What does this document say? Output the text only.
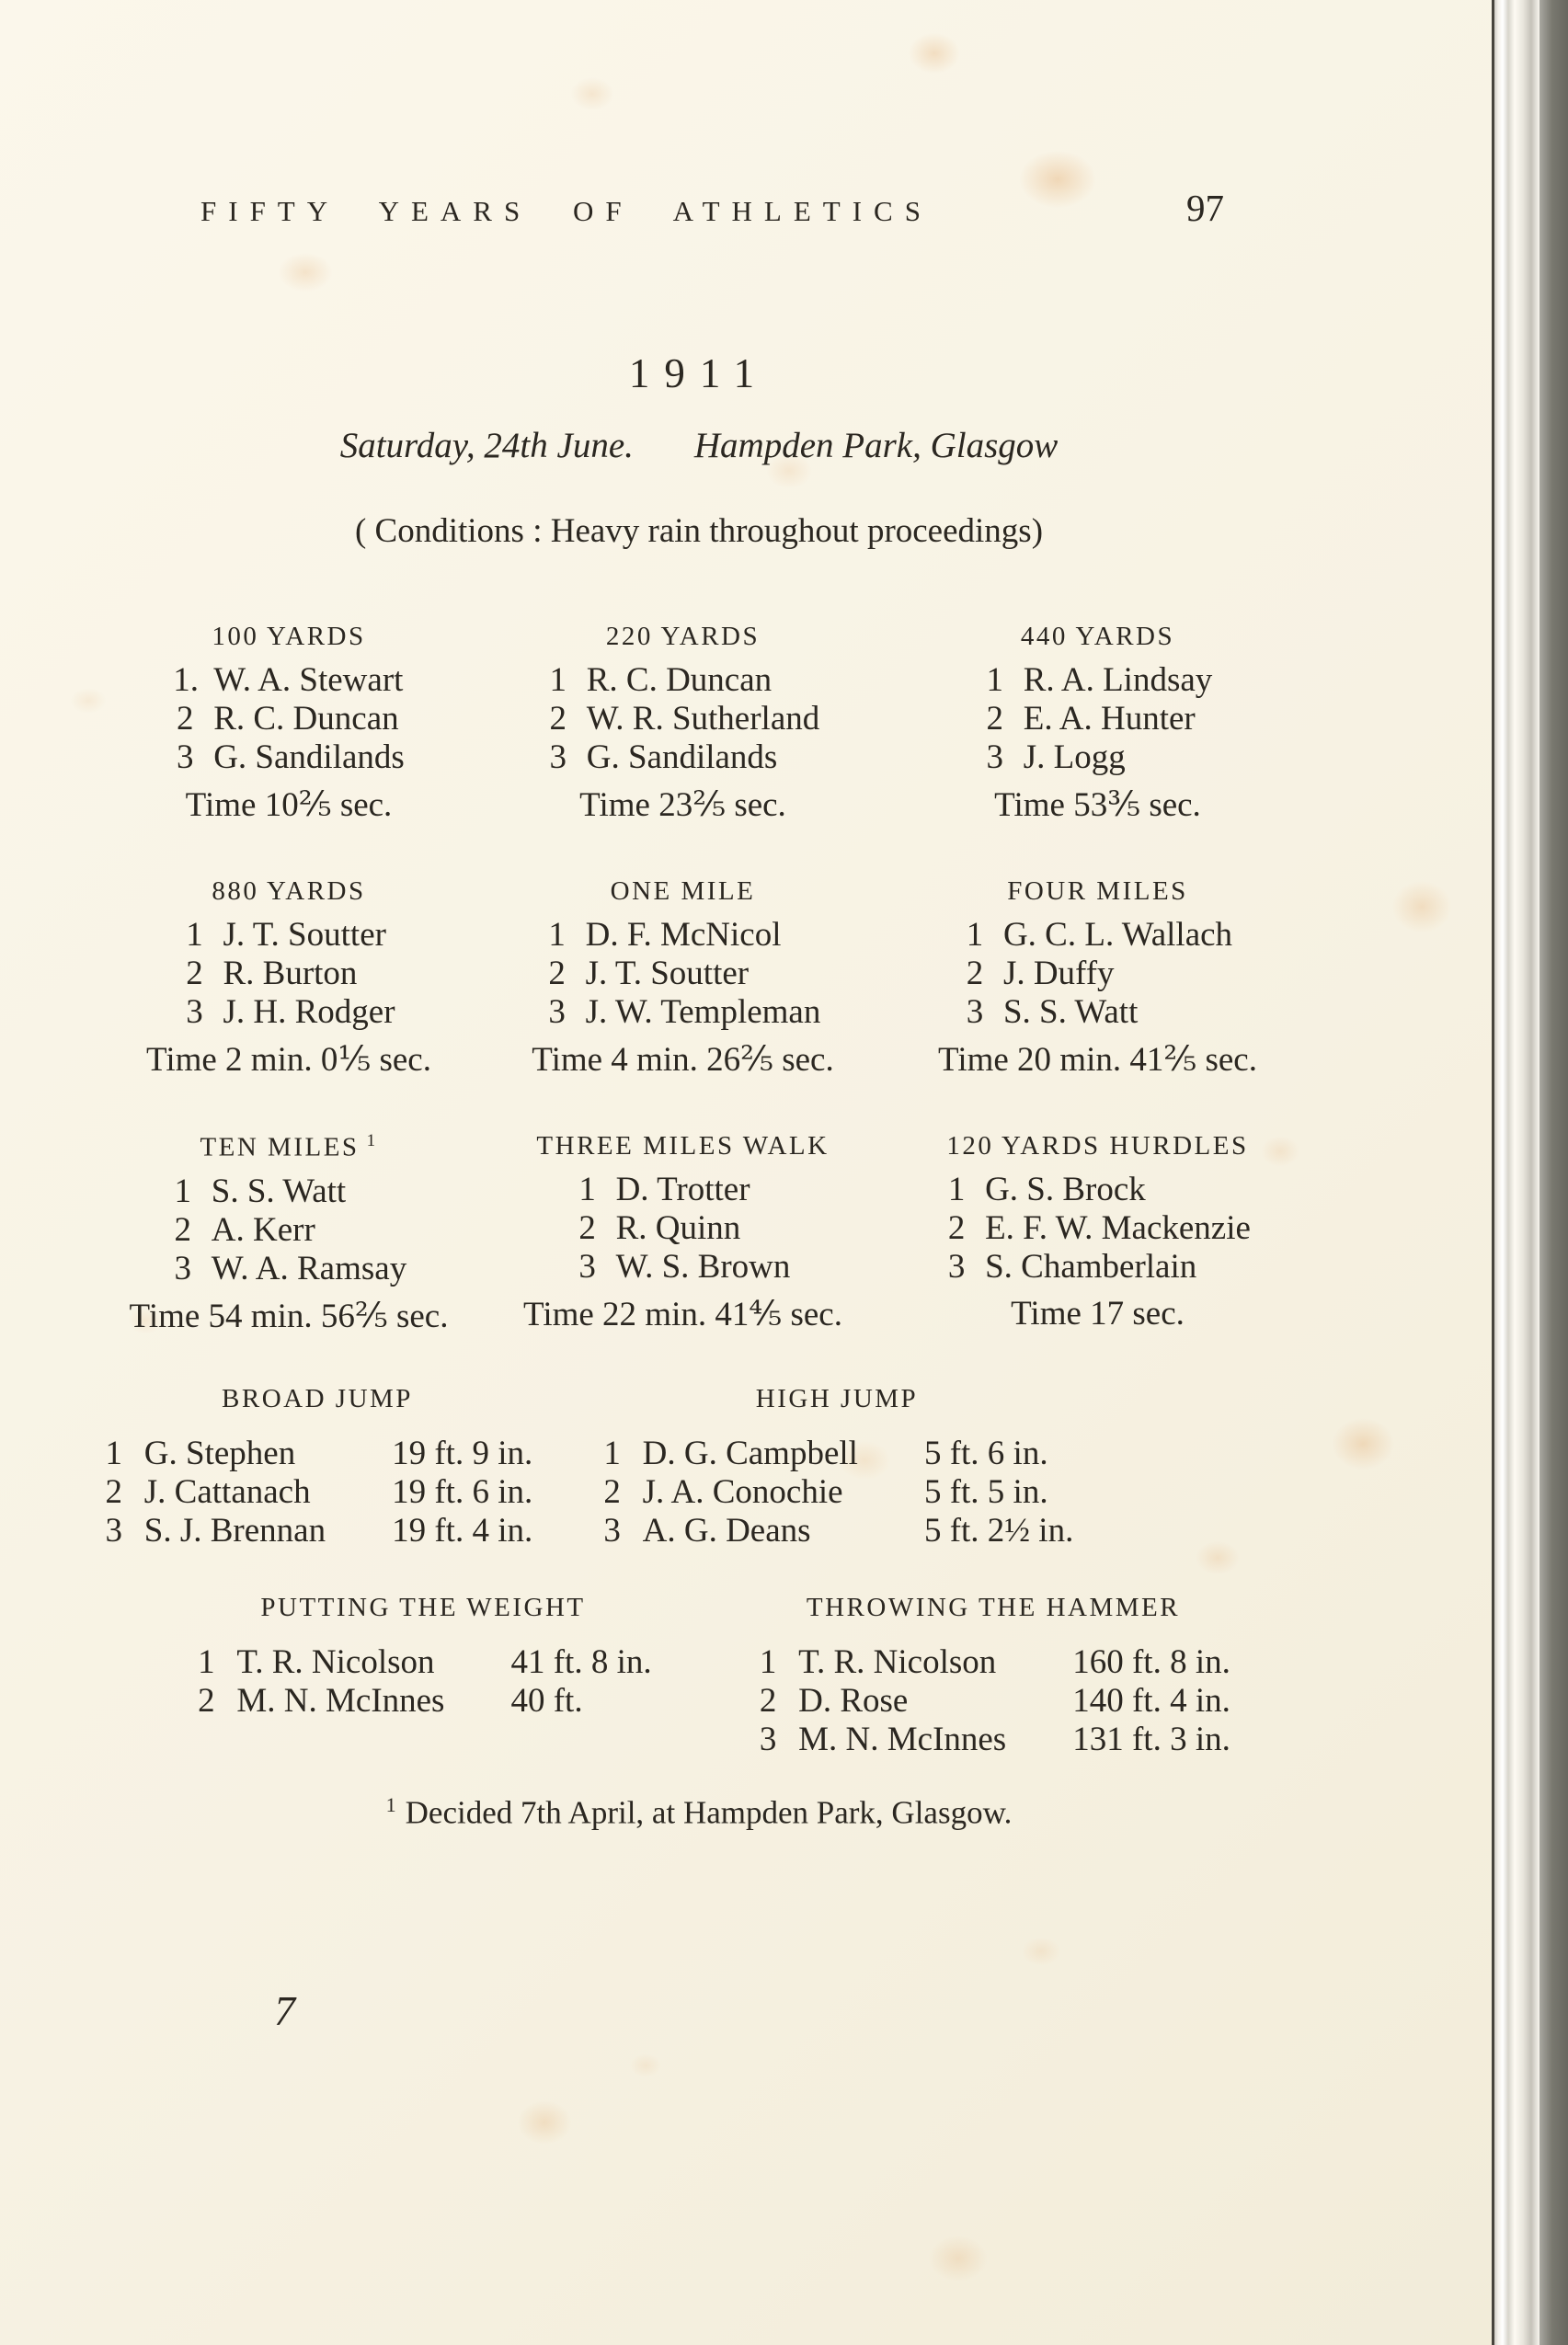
FIFTY YEARS OF ATHLETICS	97
1911
Saturday, 24th June. Hampden Park, Glasgow
( Conditions : Heavy rain throughout proceedings)
100 YARDS
1. W. A. Stewart
2 R. C. Duncan
3 G. Sandilands
Time 10⅖ sec.
220 YARDS
1 R. C. Duncan
2 W. R. Sutherland
3 G. Sandilands
Time 23⅖ sec.
440 YARDS
1 R. A. Lindsay
2 E. A. Hunter
3 J. Logg
Time 53⅗ sec.
880 YARDS
1 J. T. Soutter
2 R. Burton
3 J. H. Rodger
Time 2 min. 0⅕ sec.
ONE MILE
1 D. F. McNicol
2 J. T. Soutter
3 J. W. Templeman
Time 4 min. 26⅖ sec.
FOUR MILES
1 G. C. L. Wallach
2 J. Duffy
3 S. S. Watt
Time 20 min. 41⅖ sec.
TEN MILES $^1$
1 S. S. Watt
2 A. Kerr
3 W. A. Ramsay
Time 54 min. 56⅖ sec.
THREE MILES WALK
1 D. Trotter
2 R. Quinn
3 W. S. Brown
Time 22 min. 41⅘ sec.
120 YARDS HURDLES
1 G. S. Brock
2 E. F. W. Mackenzie
3 S. Chamberlain
Time 17 sec.
BROAD JUMP
1	G. Stephen	19 ft. 9 in.
2	J. Cattanach	19 ft. 6 in.
3	S. J. Brennan	19 ft. 4 in.
HIGH JUMP
1	D. G. Campbell	5 ft. 6 in.
2	J. A. Conochie	5 ft. 5 in.
3	A. G. Deans	5 ft. 2½ in.
PUTTING THE WEIGHT
1	T. R. Nicolson	41 ft. 8 in.
2	M. N. McInnes	40 ft.
THROWING THE HAMMER
1	T. R. Nicolson	160 ft. 8 in.
2	D. Rose	140 ft. 4 in.
3	M. N. McInnes	131 ft. 3 in.
$^1$ Decided 7th April, at Hampden Park, Glasgow.
7
